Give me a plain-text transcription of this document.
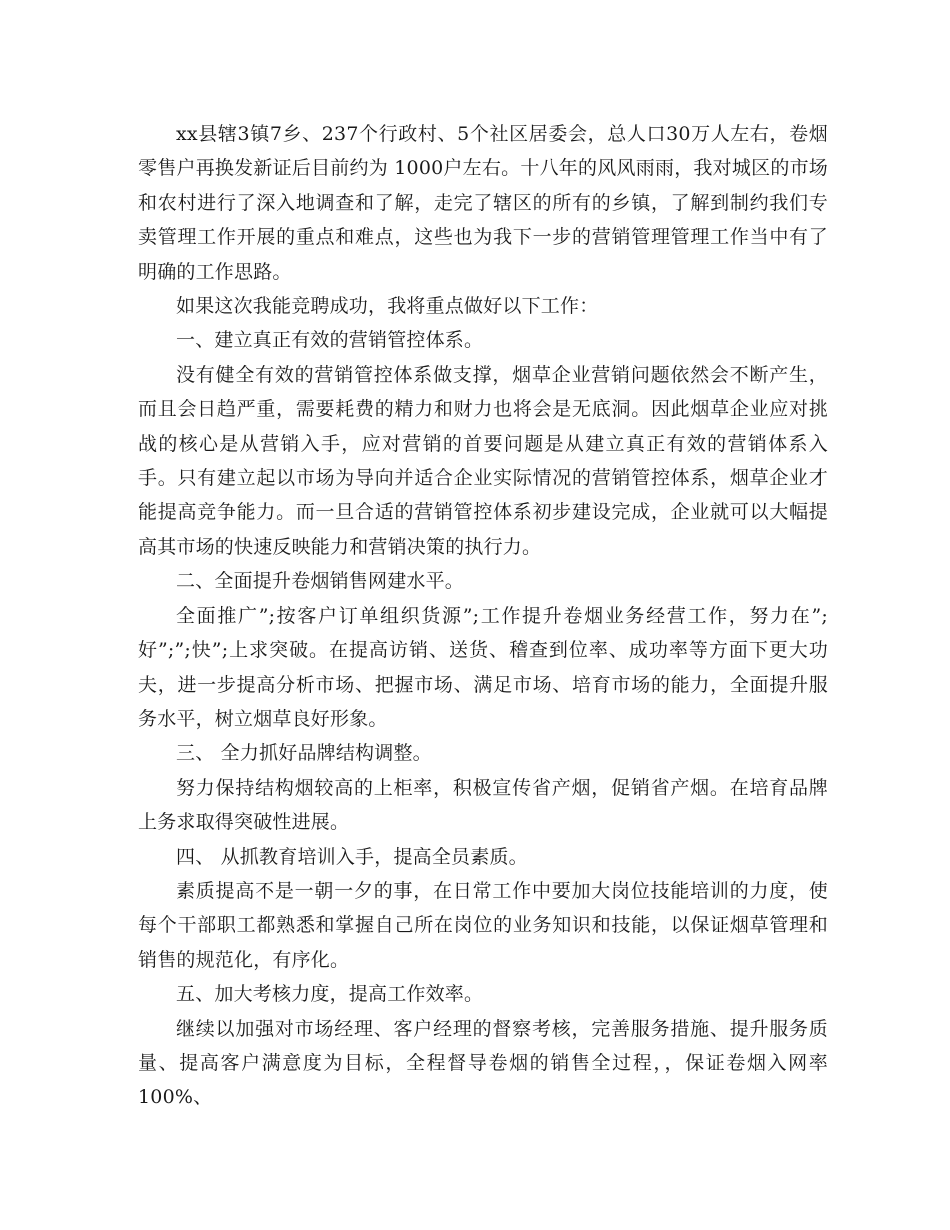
xx县辖3镇7乡、237个行政村、5个社区居委会，总人口30万人左右，卷烟零售户再换发新证后目前约为 1000户左右。十八年的风风雨雨，我对城区的市场和农村进行了深入地调查和了解，走完了辖区的所有的乡镇，了解到制约我们专卖管理工作开展的重点和难点，这些也为我下一步的营销管理管理工作当中有了明确的工作思路。

如果这次我能竞聘成功，我将重点做好以下工作：

一、建立真正有效的营销管控体系。

没有健全有效的营销管控体系做支撑，烟草企业营销问题依然会不断产生，而且会日趋严重，需要耗费的精力和财力也将会是无底洞。因此烟草企业应对挑战的核心是从营销入手，应对营销的首要问题是从建立真正有效的营销体系入手。只有建立起以市场为导向并适合企业实际情况的营销管控体系，烟草企业才能提高竞争能力。而一旦合适的营销管控体系初步建设完成，企业就可以大幅提高其市场的快速反映能力和营销决策的执行力。

二、全面提升卷烟销售网建水平。

全面推广”;按客户订单组织货源”;工作提升卷烟业务经营工作，努力在”;好”;”;快”;上求突破。在提高访销、送货、稽查到位率、成功率等方面下更大功夫，进一步提高分析市场、把握市场、满足市场、培育市场的能力，全面提升服务水平，树立烟草良好形象。

三、 全力抓好品牌结构调整。

努力保持结构烟较高的上柜率，积极宣传省产烟，促销省产烟。在培育品牌上务求取得突破性进展。

四、 从抓教育培训入手，提高全员素质。

素质提高不是一朝一夕的事，在日常工作中要加大岗位技能培训的力度，使每个干部职工都熟悉和掌握自己所在岗位的业务知识和技能，以保证烟草管理和销售的规范化，有序化。

五、加大考核力度，提高工作效率。

继续以加强对市场经理、客户经理的督察考核，完善服务措施、提升服务质量、提高客户满意度为目标，全程督导卷烟的销售全过程，，保证卷烟入网率100%、
